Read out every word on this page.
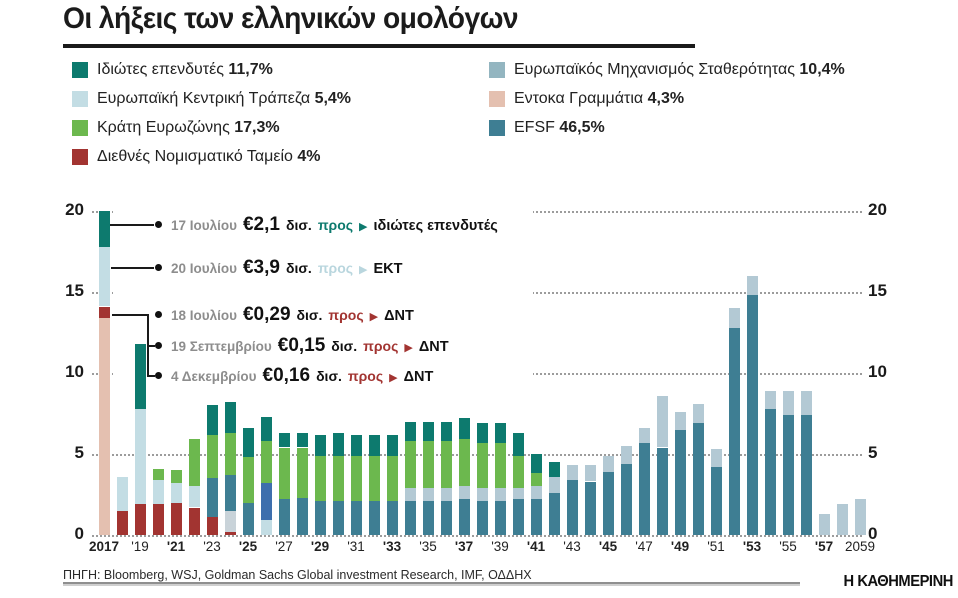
Οι λήξεις των ελληνικών ομολόγων
Ιδιώτες επενδυτές 11,7%
Ευρωπαϊκή Κεντρική Τράπεζα 5,4%
Κράτη Ευρωζώνης 17,3%
Διεθνές Νομισματικό Ταμείο 4%
Ευρωπαϊκός Μηχανισμός Σταθερότητας 10,4%
Εντοκα Γραμμάτια 4,3%
EFSF 46,5%
0	0
5	5
10	10
15	15
20	20
2017 '19	'21	'23	'25	'27	'29	'31	'33	'35	'37	'39	'41	'43	'45	'47	'49	'51	'53	'55	'57 2059
17 Ιουλίου €2,1 δισ. προς ▶ ιδιώτες επενδυτές
20 Ιουλίου €3,9 δισ. προς ▶ ΕΚΤ
18 Ιουλίου €0,29 δισ. προς ▶ ΔΝΤ
19 Σεπτεμβρίου €0,15 δισ. προς ▶ ΔΝΤ
4 Δεκεμβρίου €0,16 δισ. προς ▶ ΔΝΤ
ΠΗΓΗ: Bloomberg, WSJ, Goldman Sachs Global investment Research, IMF, ΟΔΔΗΧ	Η ΚΑΘΗΜΕΡΙΝΗ
